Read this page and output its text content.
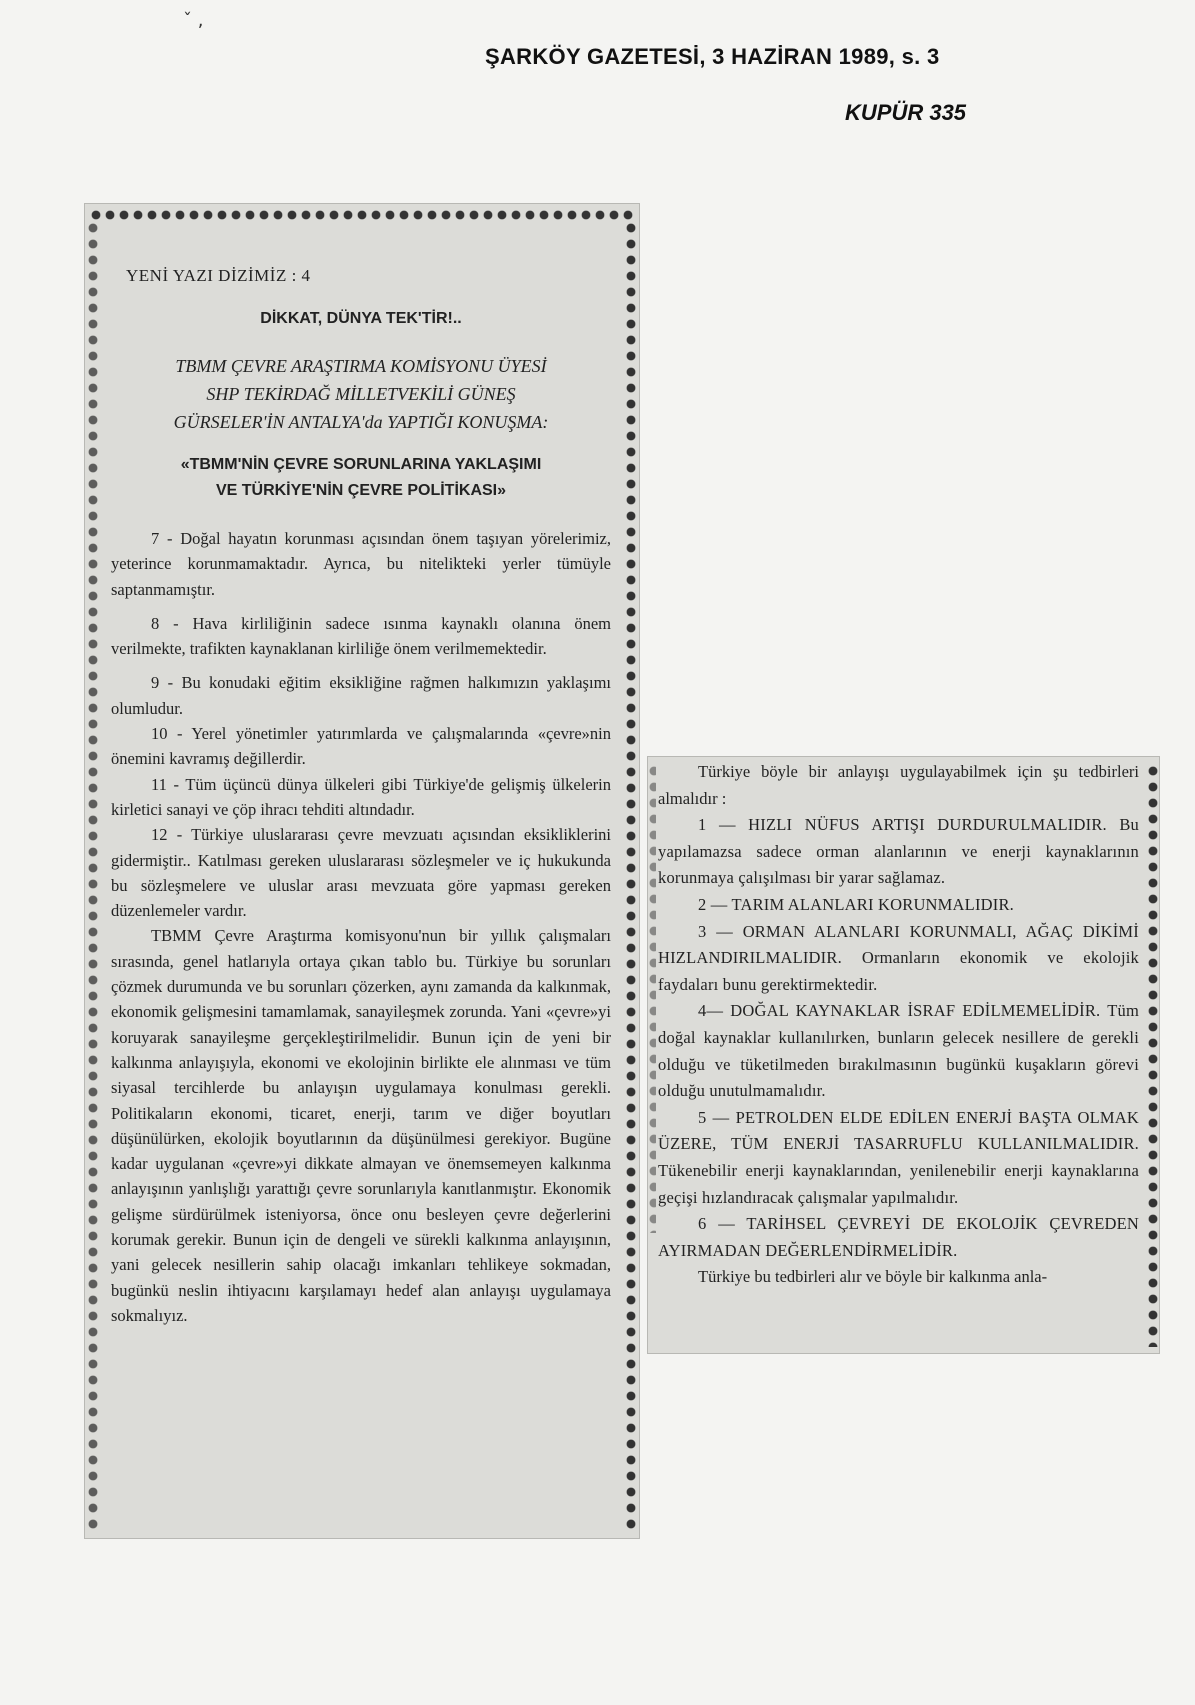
ˇ ,
ŞARKÖY GAZETESİ, 3 HAZİRAN 1989, s. 3
KUPÜR 335
YENİ YAZI DİZİMİZ : 4
DİKKAT, DÜNYA TEK'TİR!..
TBMM ÇEVRE ARAŞTIRMA KOMİSYONU ÜYESİ
SHP TEKİRDAĞ MİLLETVEKİLİ GÜNEŞ
GÜRSELER'İN ANTALYA'da YAPTIĞI KONUŞMA:
«TBMM'NİN ÇEVRE SORUNLARINA YAKLAŞIMI
VE TÜRKİYE'NİN ÇEVRE POLİTİKASI»

7 - Doğal hayatın korunması açısından önem taşıyan yörelerimiz, yeterince korunmamaktadır. Ayrıca, bu nitelikteki yerler tümüyle saptanmamıştır.

8 - Hava kirliliğinin sadece ısınma kaynaklı olanına önem verilmekte, trafikten kaynaklanan kirliliğe önem verilmemektedir.

9 - Bu konudaki eğitim eksikliğine rağmen halkımızın yaklaşımı olumludur.

10 - Yerel yönetimler yatırımlarda ve çalışmalarında «çevre»nin önemini kavramış değillerdir.

11 - Tüm üçüncü dünya ülkeleri gibi Türkiye'de gelişmiş ülkelerin kirletici sanayi ve çöp ihracı tehditi altındadır.

12 - Türkiye uluslararası çevre mevzuatı açısından eksikliklerini gidermiştir.. Katılması gereken uluslararası sözleşmeler ve iç hukukunda bu sözleşmelere ve uluslar arası mevzuata göre yapması gereken düzenlemeler vardır.

TBMM Çevre Araştırma komisyonu'nun bir yıllık çalışmaları sırasında, genel hatlarıyla ortaya çıkan tablo bu. Türkiye bu sorunları çözmek durumunda ve bu sorunları çözerken, aynı zamanda da kalkınmak, ekonomik gelişmesini tamamlamak, sanayileşmek zorunda. Yani «çevre»yi koruyarak sanayileşme gerçekleştirilmelidir. Bunun için de yeni bir kalkınma anlayışıyla, ekonomi ve ekolojinin birlikte ele alınması ve tüm siyasal tercihlerde bu anlayışın uygulamaya konulması gerekli. Politikaların ekonomi, ticaret, enerji, tarım ve diğer boyutları düşünülürken, ekolojik boyutlarının da düşünülmesi gerekiyor. Bugüne kadar uygulanan «çevre»yi dikkate almayan ve önemsemeyen kalkınma anlayışının yanlışlığı yarattığı çevre sorunlarıyla kanıtlanmıştır. Ekonomik gelişme sürdürülmek isteniyorsa, önce onu besleyen çevre değerlerini korumak gerekir. Bunun için de dengeli ve sürekli kalkınma anlayışının, yani gelecek nesillerin sahip olacağı imkanları tehlikeye sokmadan, bugünkü neslin ihtiyacını karşılamayı hedef alan anlayışı uygulamaya sokmalıyız.

Türkiye böyle bir anlayışı uygulayabilmek için şu tedbirleri almalıdır :

1 — HIZLI NÜFUS ARTIŞI DURDURULMALIDIR. Bu yapılamazsa sadece orman alanlarının ve enerji kaynaklarının korunmaya çalışılması bir yarar sağlamaz.

2 — TARIM ALANLARI KORUNMALIDIR.

3 — ORMAN ALANLARI KORUNMALI, AĞAÇ DİKİMİ HIZLANDIRILMALIDIR. Ormanların ekonomik ve ekolojik faydaları bunu gerektirmektedir.

4— DOĞAL KAYNAKLAR İSRAF EDİLMEMELİDİR. Tüm doğal kaynaklar kullanılırken, bunların gelecek nesillere de gerekli olduğu ve tüketilmeden bırakılmasının bugünkü kuşakların görevi olduğu unutulmamalıdır.

5 — PETROLDEN ELDE EDİLEN ENERJİ BAŞTA OLMAK ÜZERE, TÜM ENERJİ TASARRUFLU KULLANILMALIDIR. Tükenebilir enerji kaynaklarından, yenilenebilir enerji kaynaklarına geçişi hızlandıracak çalışmalar yapılmalıdır.

6 — TARİHSEL ÇEVREYİ DE EKOLOJİK ÇEVREDEN AYIRMADAN DEĞERLENDİRMELİDİR.

Türkiye bu tedbirleri alır ve böyle bir kalkınma anla-
